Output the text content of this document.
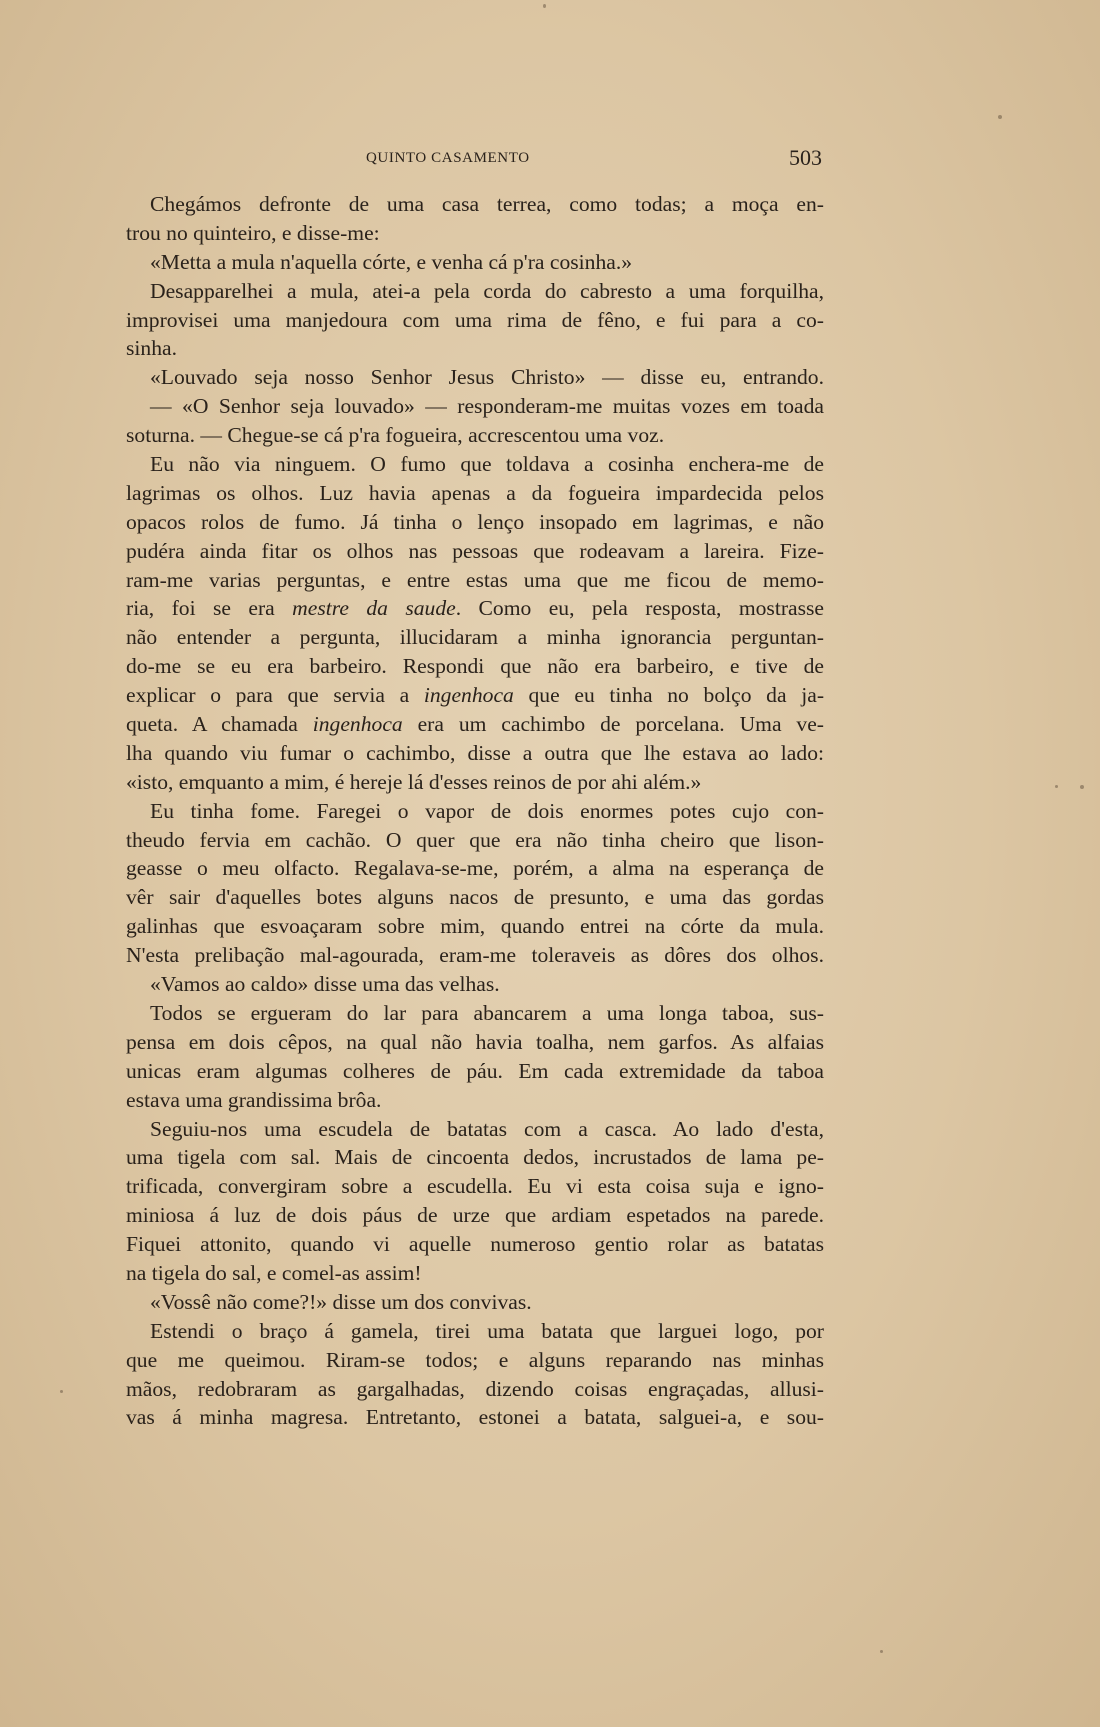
QUINTO CASAMENTO	503
Chegámos defronte de uma casa terrea, como todas; a moça en-
trou no quinteiro, e disse-me:
«Metta a mula n'aquella córte, e venha cá p'ra cosinha.»
Desapparelhei a mula, atei-a pela corda do cabresto a uma forquilha,
improvisei uma manjedoura com uma rima de fêno, e fui para a co-
sinha.
«Louvado seja nosso Senhor Jesus Christo» — disse eu, entrando.
— «O Senhor seja louvado» — responderam-me muitas vozes em toada
soturna. — Chegue-se cá p'ra fogueira, accrescentou uma voz.
Eu não via ninguem. O fumo que toldava a cosinha enchera-me de
lagrimas os olhos. Luz havia apenas a da fogueira impardecida pelos
opacos rolos de fumo. Já tinha o lenço insopado em lagrimas, e não
pudéra ainda fitar os olhos nas pessoas que rodeavam a lareira. Fize-
ram-me varias perguntas, e entre estas uma que me ficou de memo-
ria, foi se era mestre da saude. Como eu, pela resposta, mostrasse
não entender a pergunta, illucidaram a minha ignorancia perguntan-
do-me se eu era barbeiro. Respondi que não era barbeiro, e tive de
explicar o para que servia a ingenhoca que eu tinha no bolço da ja-
queta. A chamada ingenhoca era um cachimbo de porcelana. Uma ve-
lha quando viu fumar o cachimbo, disse a outra que lhe estava ao lado:
«isto, emquanto a mim, é hereje lá d'esses reinos de por ahi além.»
Eu tinha fome. Faregei o vapor de dois enormes potes cujo con-
theudo fervia em cachão. O quer que era não tinha cheiro que lison-
geasse o meu olfacto. Regalava-se-me, porém, a alma na esperança de
vêr sair d'aquelles botes alguns nacos de presunto, e uma das gordas
galinhas que esvoaçaram sobre mim, quando entrei na córte da mula.
N'esta prelibação mal-agourada, eram-me toleraveis as dôres dos olhos.
«Vamos ao caldo» disse uma das velhas.
Todos se ergueram do lar para abancarem a uma longa taboa, sus-
pensa em dois cêpos, na qual não havia toalha, nem garfos. As alfaias
unicas eram algumas colheres de páu. Em cada extremidade da taboa
estava uma grandissima brôa.
Seguiu-nos uma escudela de batatas com a casca. Ao lado d'esta,
uma tigela com sal. Mais de cincoenta dedos, incrustados de lama pe-
trificada, convergiram sobre a escudella. Eu vi esta coisa suja e igno-
miniosa á luz de dois páus de urze que ardiam espetados na parede.
Fiquei attonito, quando vi aquelle numeroso gentio rolar as batatas
na tigela do sal, e comel-as assim!
«Vossê não come?!» disse um dos convivas.
Estendi o braço á gamela, tirei uma batata que larguei logo, por
que me queimou. Riram-se todos; e alguns reparando nas minhas
mãos, redobraram as gargalhadas, dizendo coisas engraçadas, allusi-
vas á minha magresa. Entretanto, estonei a batata, salguei-a, e sou-
